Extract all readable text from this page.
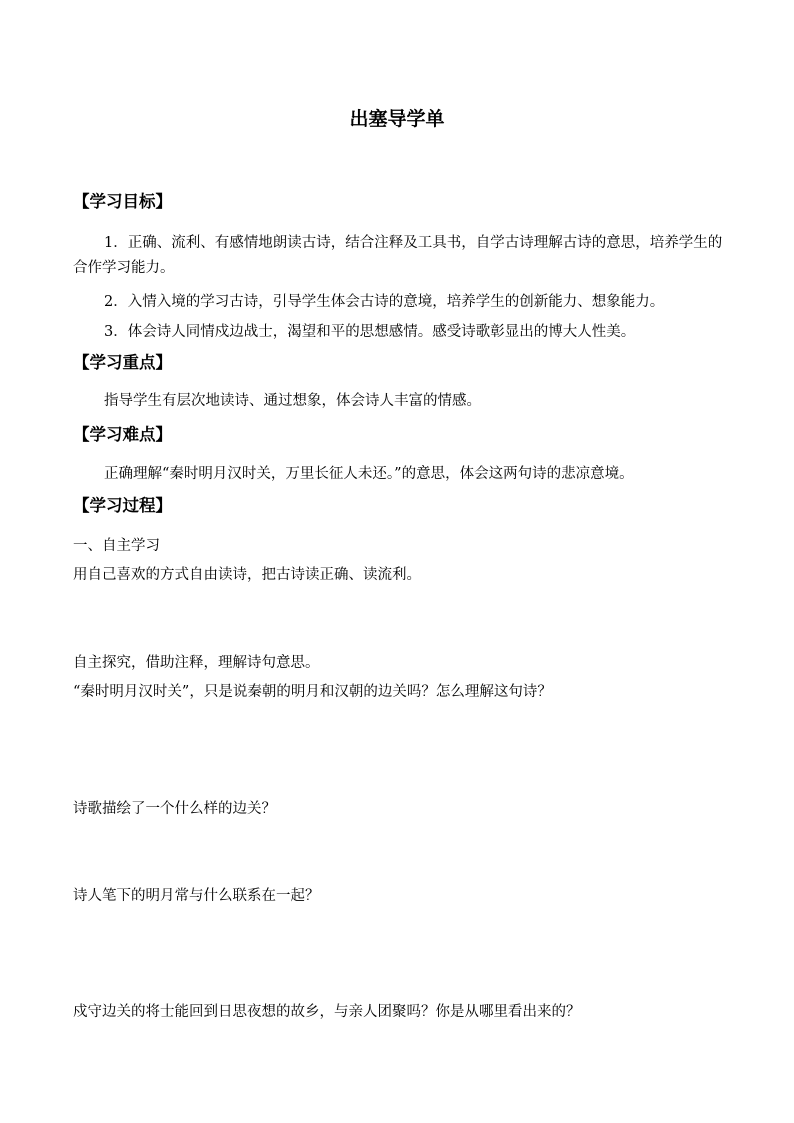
出塞导学单
【学习目标】
1．正确、流利、有感情地朗读古诗，结合注释及工具书，自学古诗理解古诗的意思，培养学生的合作学习能力。
2．入情入境的学习古诗，引导学生体会古诗的意境，培养学生的创新能力、想象能力。
3．体会诗人同情戍边战士，渴望和平的思想感情。感受诗歌彰显出的博大人性美。
【学习重点】
指导学生有层次地读诗、通过想象，体会诗人丰富的情感。
【学习难点】
正确理解“秦时明月汉时关，万里长征人未还。”的意思，体会这两句诗的悲凉意境。
【学习过程】
一、自主学习
用自己喜欢的方式自由读诗，把古诗读正确、读流利。
自主探究，借助注释，理解诗句意思。
“秦时明月汉时关”，只是说秦朝的明月和汉朝的边关吗？怎么理解这句诗？
诗歌描绘了一个什么样的边关？
诗人笔下的明月常与什么联系在一起？
戍守边关的将士能回到日思夜想的故乡，与亲人团聚吗？你是从哪里看出来的？
